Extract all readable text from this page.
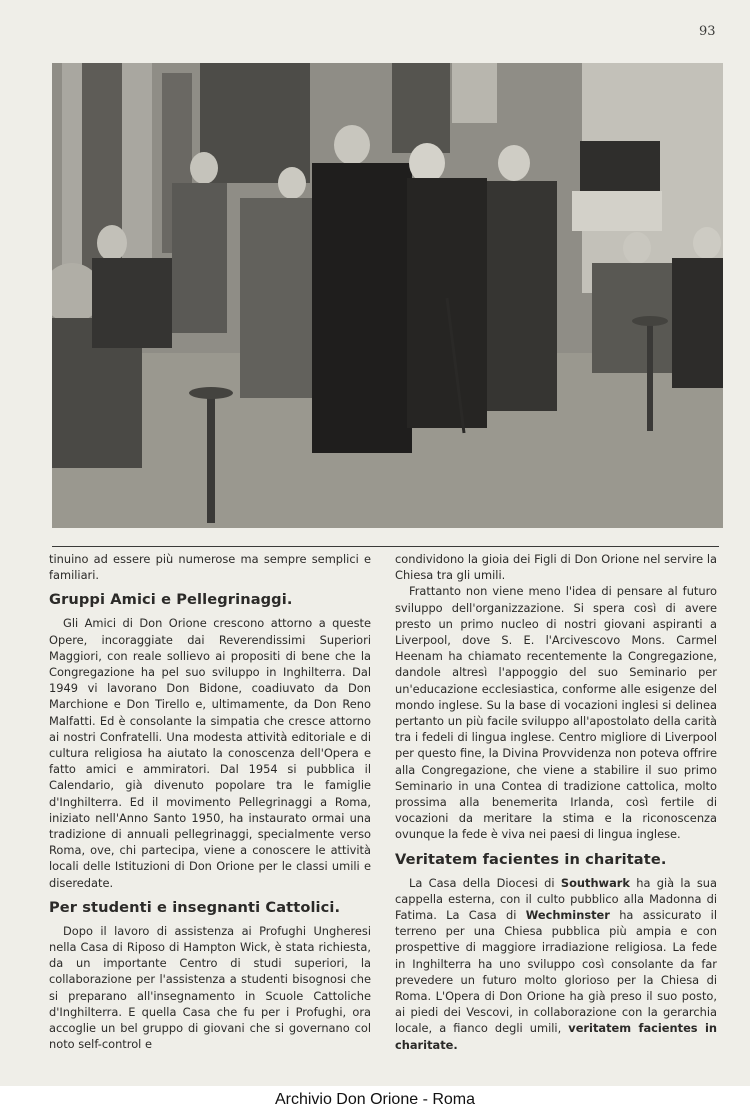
93

tinuino ad essere più numerose ma sempre semplici e familiari.

Gruppi Amici e Pellegrinaggi.

Gli Amici di Don Orione crescono attorno a queste Opere, incoraggiate dai Reverendissimi Superiori Maggiori, con reale sollievo ai propositi di bene che la Congregazione ha pel suo sviluppo in Inghilterra. Dal 1949 vi lavorano Don Bidone, coadiuvato da Don Marchione e Don Tirello e, ultimamente, da Don Reno Malfatti. Ed è consolante la simpatia che cresce attorno ai nostri Confratelli. Una modesta attività editoriale e di cultura religiosa ha aiutato la conoscenza dell'Opera e fatto amici e ammiratori. Dal 1954 si pubblica il Calendario, già divenuto popolare tra le famiglie d'Inghilterra. Ed il movimento Pellegrinaggi a Roma, iniziato nell'Anno Santo 1950, ha instaurato ormai una tradizione di annuali pellegrinaggi, specialmente verso Roma, ove, chi partecipa, viene a conoscere le attività locali delle Istituzioni di Don Orione per le classi umili e diseredate.

Per studenti e insegnanti Cattolici.

Dopo il lavoro di assistenza ai Profughi Ungheresi nella Casa di Riposo di Hampton Wick, è stata richiesta, da un importante Centro di studi superiori, la collaborazione per l'assistenza a studenti bisognosi che si preparano all'insegnamento in Scuole Cattoliche d'Inghilterra. E quella Casa che fu per i Profughi, ora accoglie un bel gruppo di giovani che si governano col noto self-control e

condividono la gioia dei Figli di Don Orione nel servire la Chiesa tra gli umili.

Frattanto non viene meno l'idea di pensare al futuro sviluppo dell'organizzazione. Si spera così di avere presto un primo nucleo di nostri giovani aspiranti a Liverpool, dove S. E. l'Arcivescovo Mons. Carmel Heenam ha chiamato recentemente la Congregazione, dandole altresì l'appoggio del suo Seminario per un'educazione ecclesiastica, conforme alle esigenze del mondo inglese. Su la base di vocazioni inglesi si delinea pertanto un più facile sviluppo all'apostolato della carità tra i fedeli di lingua inglese. Centro migliore di Liverpool per questo fine, la Divina Provvidenza non poteva offrire alla Congregazione, che viene a stabilire il suo primo Seminario in una Contea di tradizione cattolica, molto prossima alla benemerita Irlanda, così fertile di vocazioni da meritare la stima e la riconoscenza ovunque la fede è viva nei paesi di lingua inglese.

Veritatem facientes in charitate.

La Casa della Diocesi di Southwark ha già la sua cappella esterna, con il culto pubblico alla Madonna di Fatima. La Casa di Wechminster ha assicurato il terreno per una Chiesa pubblica più ampia e con prospettive di maggiore irradiazione religiosa. La fede in Inghilterra ha uno sviluppo così consolante da far prevedere un futuro molto glorioso per la Chiesa di Roma. L'Opera di Don Orione ha già preso il suo posto, ai piedi dei Vescovi, in collaborazione con la gerarchia locale, a fianco degli umili, veritatem facientes in charitate.

Archivio Don Orione - Roma
